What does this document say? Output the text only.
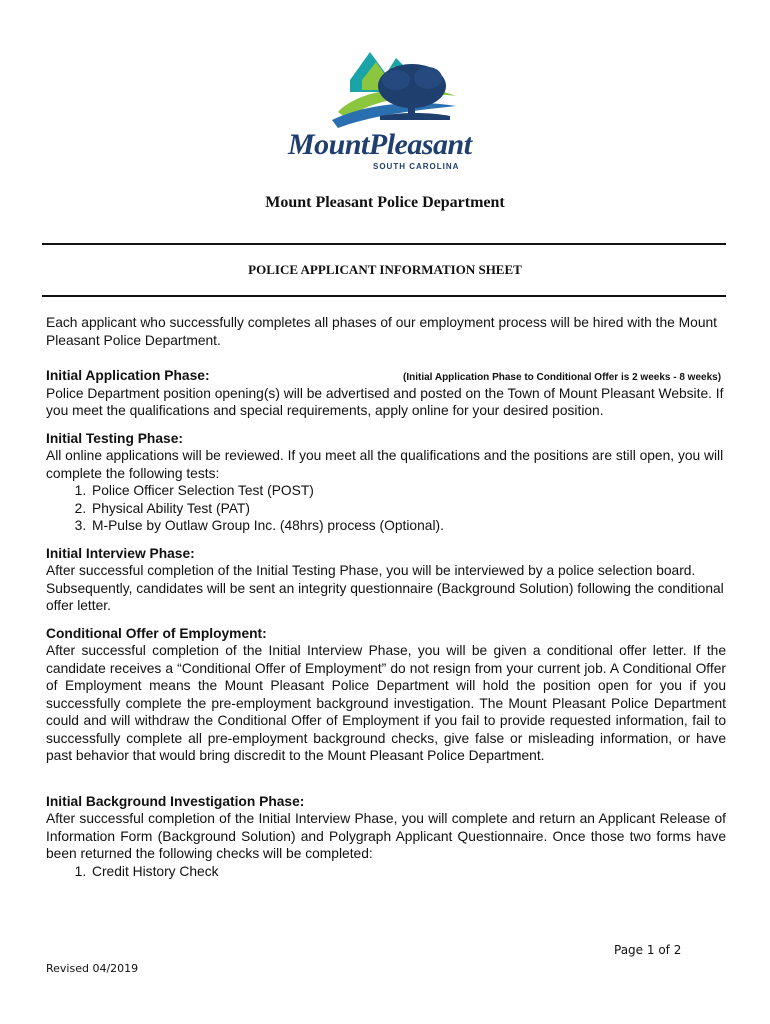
MountPleasant
SOUTH CAROLINA
Mount Pleasant Police Department
POLICE APPLICANT INFORMATION SHEET

Each applicant who successfully completes all phases of our employment process will be hired with the Mount Pleasant Police Department.

(Initial Application Phase to Conditional Offer is 2 weeks - 8 weeks)

Initial Application Phase:

Police Department position opening(s) will be advertised and posted on the Town of Mount Pleasant Website. If you meet the qualifications and special requirements, apply online for your desired position.

Initial Testing Phase:

All online applications will be reviewed. If you meet all the qualifications and the positions are still open, you will complete the following tests:

1. Police Officer Selection Test (POST)
2. Physical Ability Test (PAT)
3. M-Pulse by Outlaw Group Inc. (48hrs) process (Optional).

Initial Interview Phase:

After successful completion of the Initial Testing Phase, you will be interviewed by a police selection board. Subsequently, candidates will be sent an integrity questionnaire (Background Solution) following the conditional offer letter.

Conditional Offer of Employment:

After successful completion of the Initial Interview Phase, you will be given a conditional offer letter. If the candidate receives a “Conditional Offer of Employment” do not resign from your current job. A Conditional Offer of Employment means the Mount Pleasant Police Department will hold the position open for you if you successfully complete the pre-employment background investigation. The Mount Pleasant Police Department could and will withdraw the Conditional Offer of Employment if you fail to provide requested information, fail to successfully complete all pre-employment background checks, give false or misleading information, or have past behavior that would bring discredit to the Mount Pleasant Police Department.

Initial Background Investigation Phase:

After successful completion of the Initial Interview Phase, you will complete and return an Applicant Release of Information Form (Background Solution) and Polygraph Applicant Questionnaire. Once those two forms have been returned the following checks will be completed:

1. Credit History Check
Page 1 of 2
Revised 04/2019
